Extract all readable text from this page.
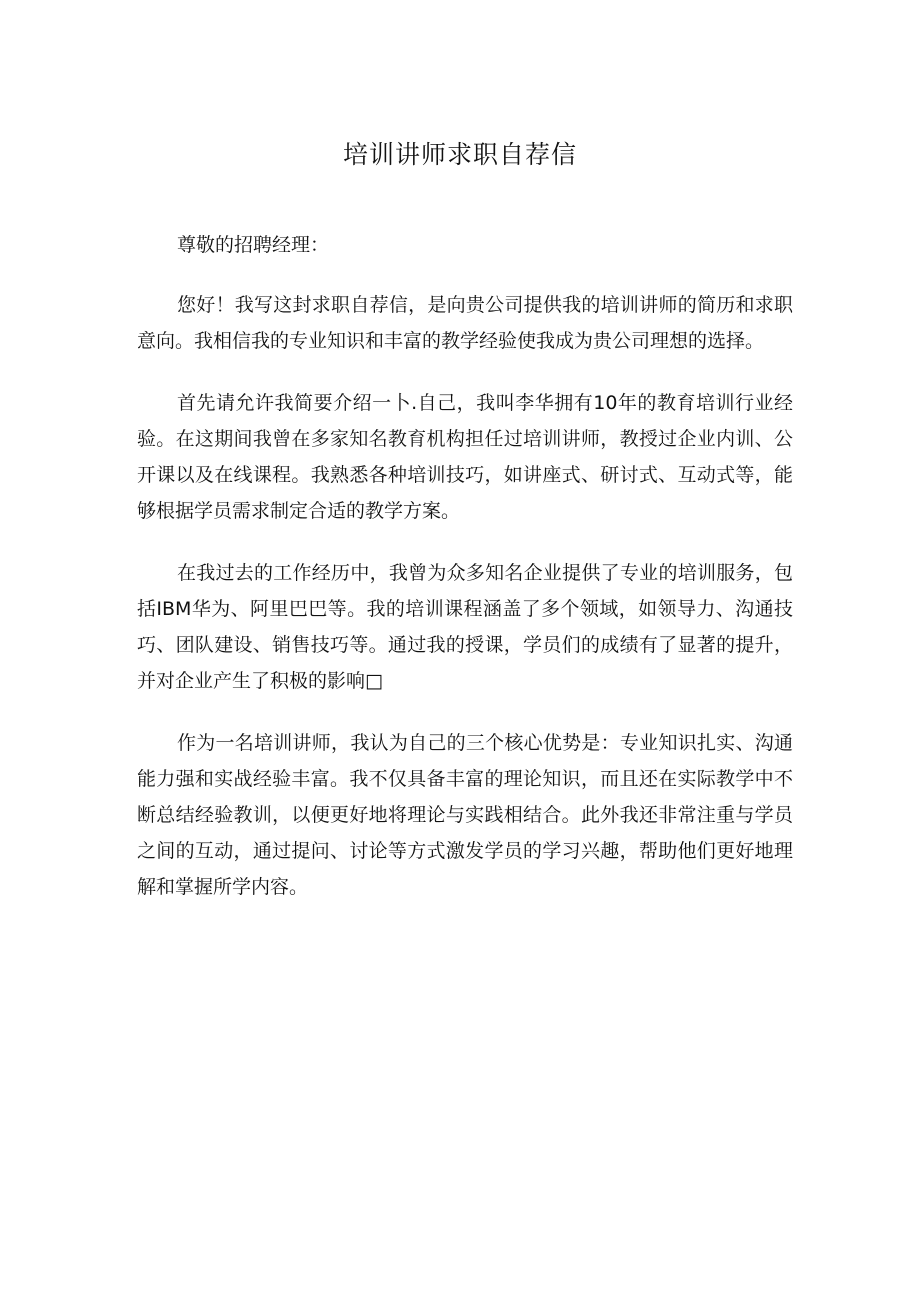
培训讲师求职自荐信

尊敬的招聘经理：

您好！我写这封求职自荐信，是向贵公司提供我的培训讲师的简历和求职意向。我相信我的专业知识和丰富的教学经验使我成为贵公司理想的选择。

首先请允许我简要介绍一卜.自己，我叫李华拥有10年的教育培训行业经验。在这期间我曾在多家知名教育机构担任过培训讲师，教授过企业内训、公开课以及在线课程。我熟悉各种培训技巧，如讲座式、研讨式、互动式等，能够根据学员需求制定合适的教学方案。

在我过去的工作经历中，我曾为众多知名企业提供了专业的培训服务，包括IBM华为、阿里巴巴等。我的培训课程涵盖了多个领域，如领导力、沟通技巧、团队建设、销售技巧等。通过我的授课，学员们的成绩有了显著的提升，并对企业产生了积极的影响□

作为一名培训讲师，我认为自己的三个核心优势是：专业知识扎实、沟通能力强和实战经验丰富。我不仅具备丰富的理论知识，而且还在实际教学中不断总结经验教训，以便更好地将理论与实践相结合。此外我还非常注重与学员之间的互动，通过提问、讨论等方式激发学员的学习兴趣，帮助他们更好地理解和掌握所学内容。
